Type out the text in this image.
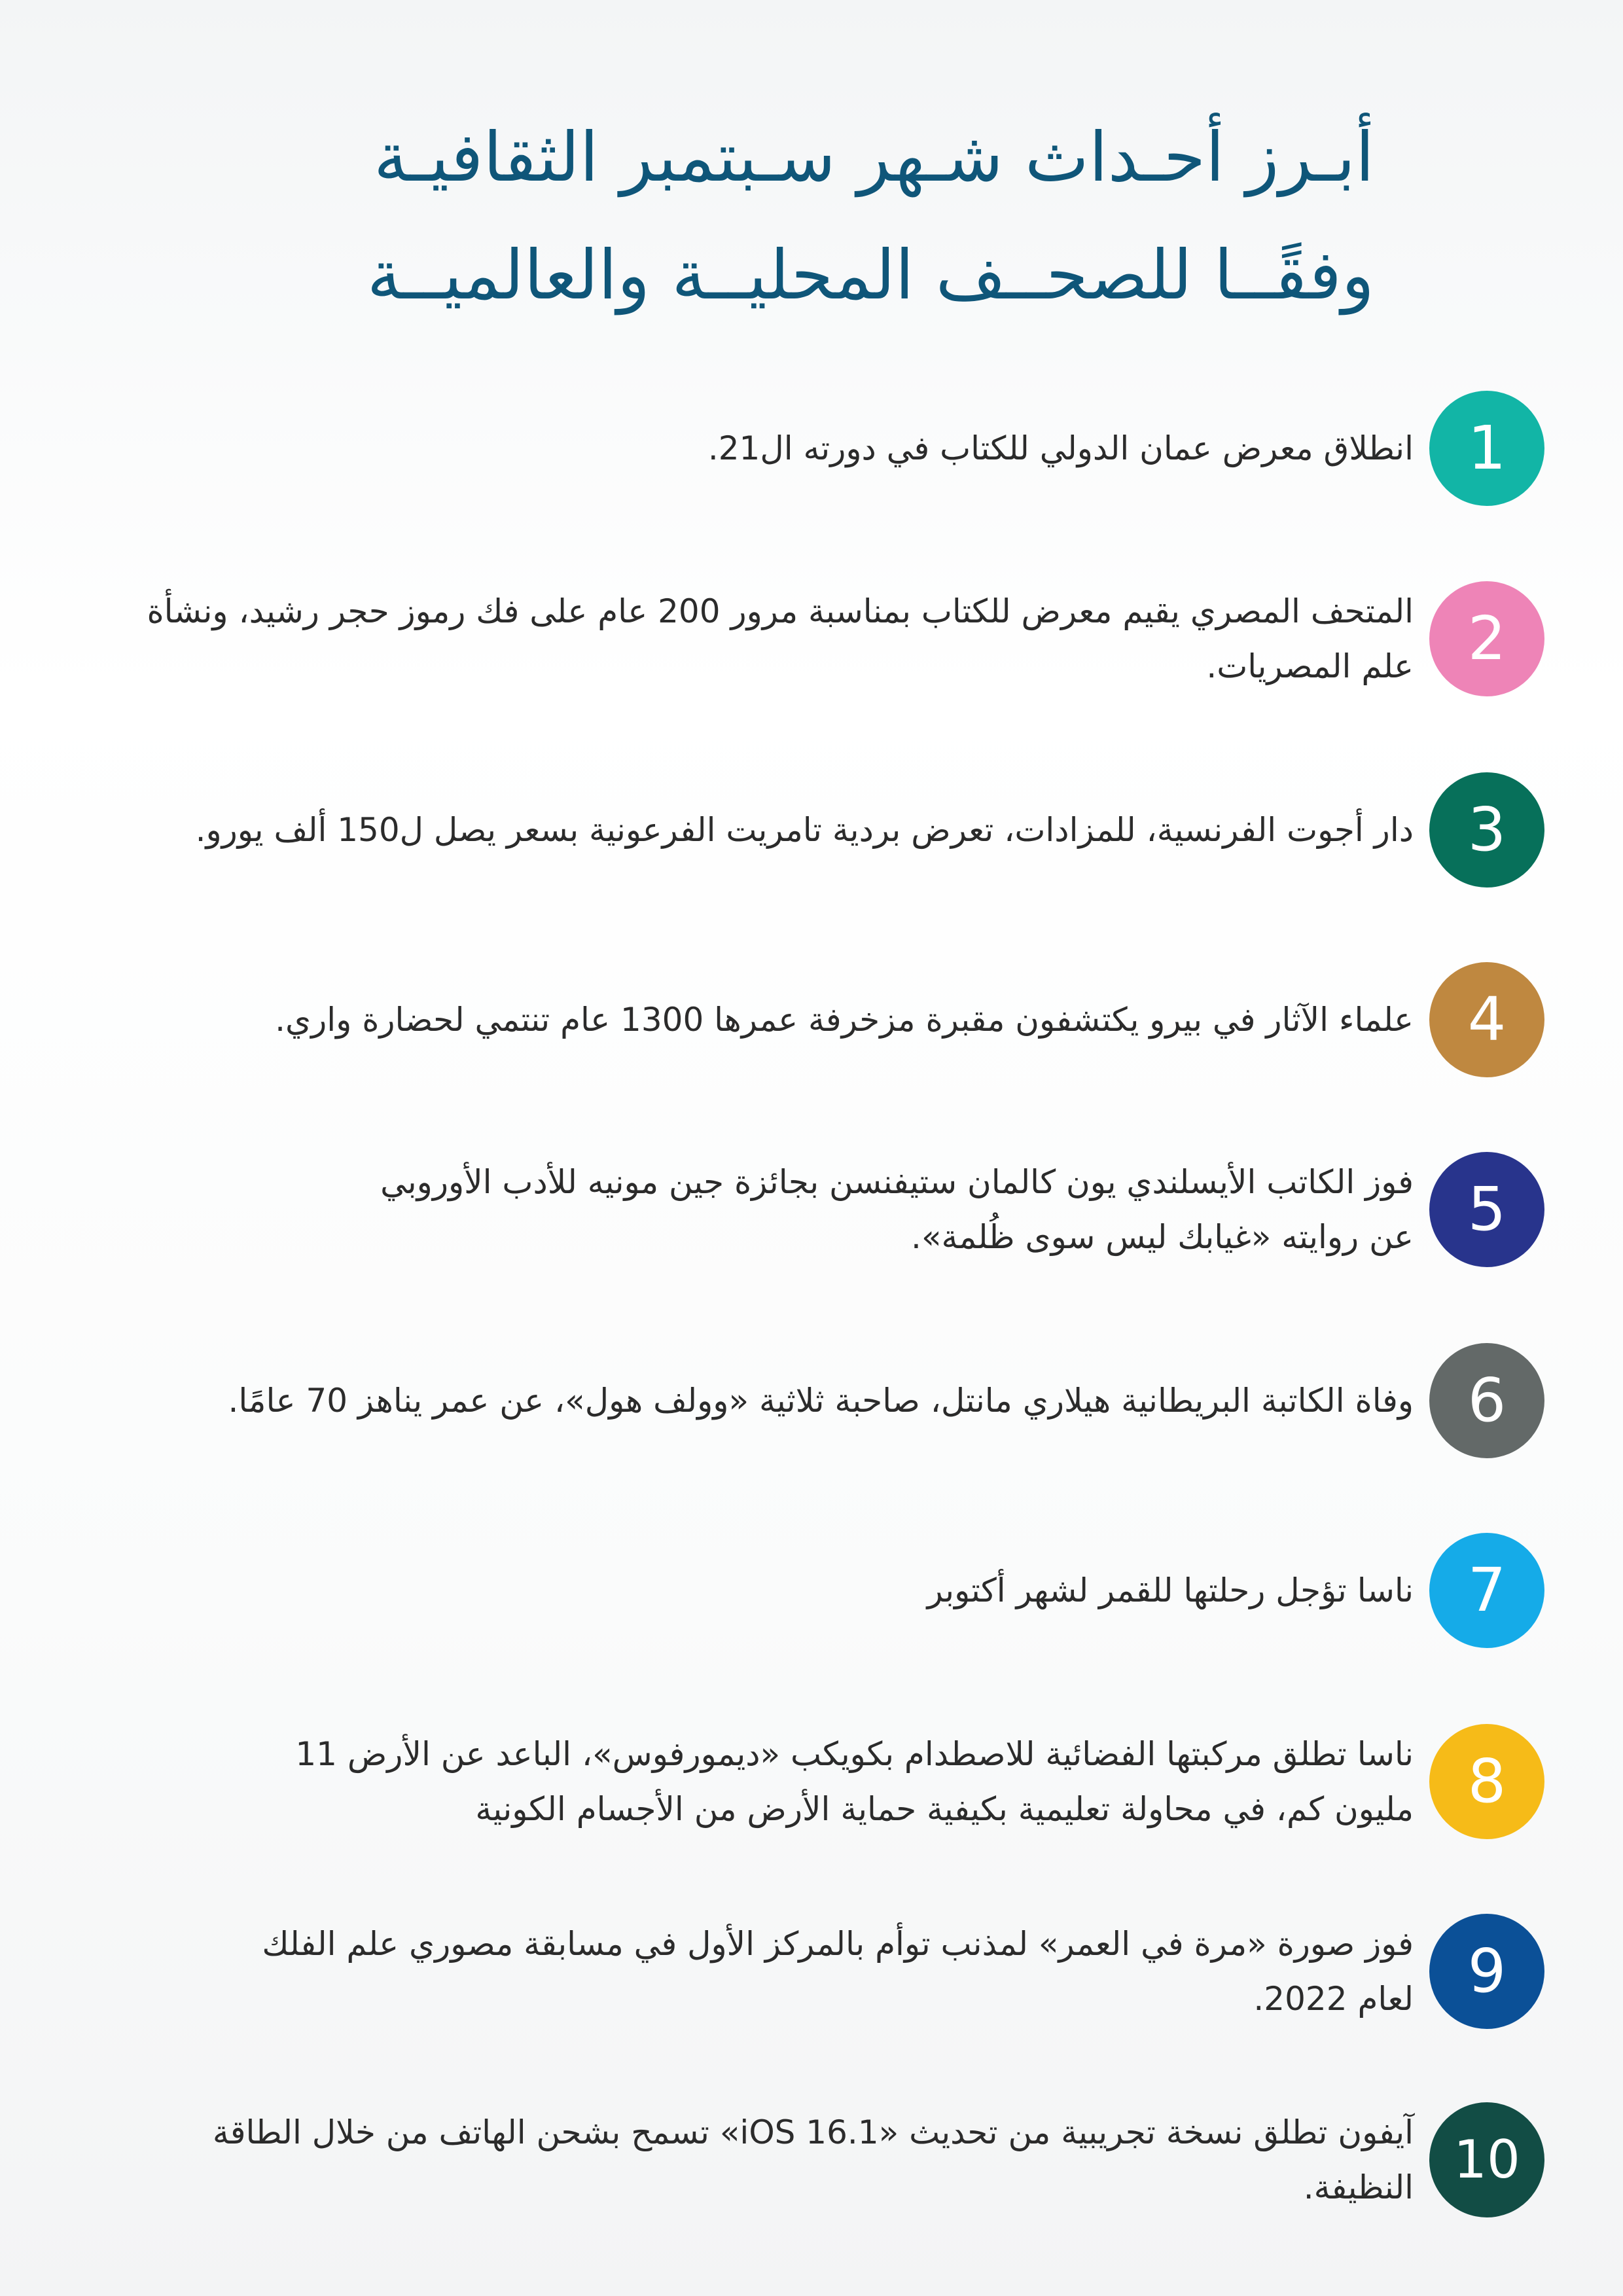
أبـرز أحـداث شـهر سـبتمبر الثقافيـة
وفقًــا للصحــف المحليــة والعالميــة
1
انطلاق معرض عمان الدولي للكتاب في دورته ال21.
2
المتحف المصري يقيم معرض للكتاب بمناسبة مرور 200 عام على فك رموز حجر رشيد، ونشأة
علم المصريات.
3
دار أجوت الفرنسية، للمزادات، تعرض بردية تامريت الفرعونية بسعر يصل ل150 ألف يورو.
4
علماء الآثار في بيرو يكتشفون مقبرة مزخرفة عمرها 1300 عام تنتمي لحضارة واري.
5
فوز الكاتب الأيسلندي يون كالمان ستيفنسن بجائزة جين مونيه للأدب الأوروبي
عن روايته «غيابك ليس سوى ظُلمة».
6
وفاة الكاتبة البريطانية هيلاري مانتل، صاحبة ثلاثية «وولف هول»، عن عمر يناهز 70 عامًا.
7
ناسا تؤجل رحلتها للقمر لشهر أكتوبر
8
ناسا تطلق مركبتها الفضائية للاصطدام بكويكب «ديمورفوس»، الباعد عن الأرض 11
مليون كم، في محاولة تعليمية بكيفية حماية الأرض من الأجسام الكونية
9
فوز صورة «مرة في العمر» لمذنب توأم بالمركز الأول في مسابقة مصوري علم الفلك
لعام 2022.
10
آيفون تطلق نسخة تجريبية من تحديث «iOS 16.1» تسمح بشحن الهاتف من خلال الطاقة
النظيفة.
